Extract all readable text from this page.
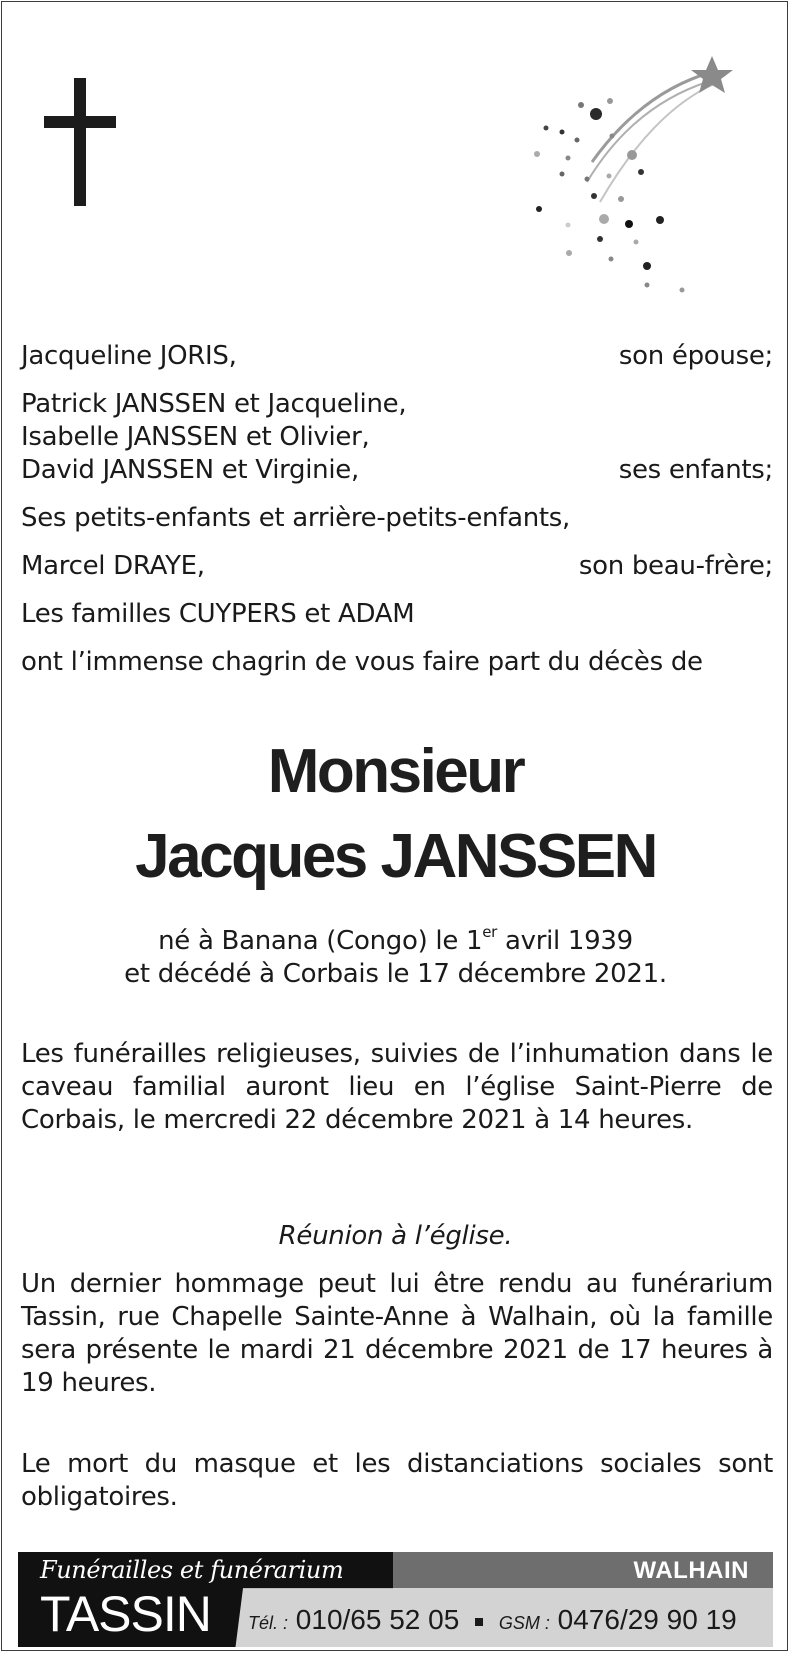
Jacqueline JORIS,	son épouse;
Patrick JANSSEN et Jacqueline,
Isabelle JANSSEN et Olivier,
David JANSSEN et Virginie,	ses enfants;
Ses petits-enfants et arrière-petits-enfants,
Marcel DRAYE,	son beau-frère;
Les familles CUYPERS et ADAM
ont l’immense chagrin de vous faire part du décès de
Monsieur
Jacques JANSSEN
né à Banana (Congo) le 1er avril 1939
et décédé à Corbais le 17 décembre 2021.
Les funérailles religieuses, suivies de l’inhumation dans le caveau familial auront lieu en l’église Saint-Pierre de Corbais, le mercredi 22 décembre 2021 à 14 heures.
Réunion à l’église.
Un dernier hommage peut lui être rendu au funérarium Tassin, rue Chapelle Sainte-Anne à Walhain, où la famille sera présente le mardi 21 décembre 2021 de 17 heures à 19 heures.
Le mort du masque et les distanciations sociales sont obligatoires.
Funérailles et funérarium
TASSIN
WALHAIN
Tél. : 010/65 52 05 GSM : 0476/29 90 19
